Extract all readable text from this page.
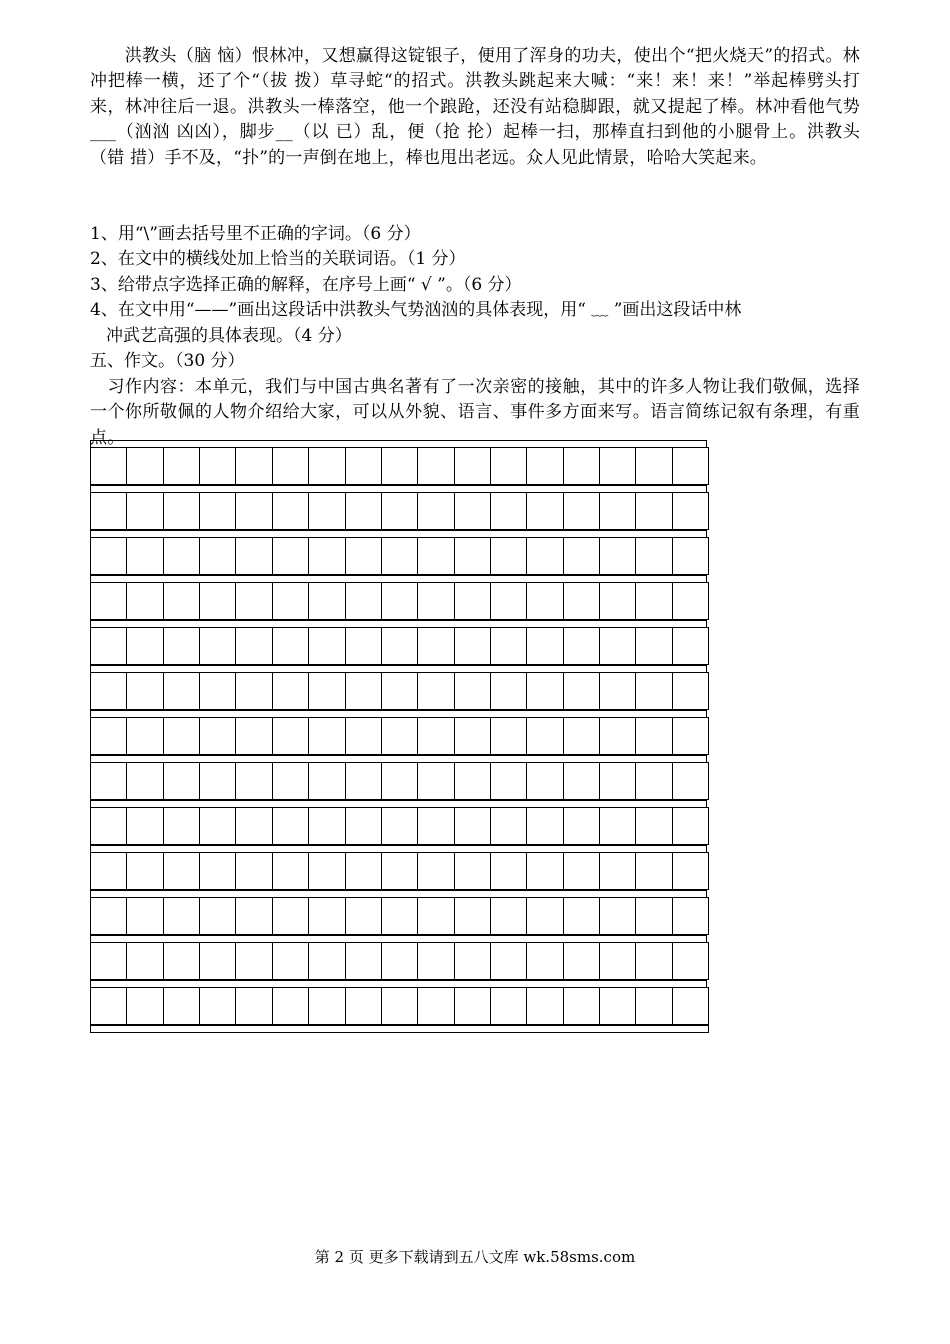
　　洪教头（脑 恼）恨林冲，又想赢得这锭银子，便用了浑身的功夫，使出个“把火烧天”的招式。林冲把棒一横，还了个“（拔 拨）草寻蛇“的招式。洪教头跳起来大喊：“来！来！来！”举起棒劈头打来，林冲往后一退。洪教头一棒落空，他一个踉跄，还没有站稳脚跟，就又提起了棒。林冲看他气势___（汹汹 凶凶），脚步__（以 已）乱，便（抢 抡）起棒一扫，那棒直扫到他的小腿骨上。洪教头（错 措）手不及，“扑”的一声倒在地上，棒也甩出老远。众人见此情景，哈哈大笑起来。
1、用“\”画去括号里不正确的字词。（6 分）
2、在文中的横线处加上恰当的关联词语。（1 分）
3、给带点字选择正确的解释，在序号上画“ √ ”。（6 分）
4、在文中用“——”画出这段话中洪教头气势汹汹的具体表现，用“ ﹏ ”画出这段话中林
冲武艺高强的具体表现。（4 分）
五、作文。（30 分）
　习作内容：本单元，我们与中国古典名著有了一次亲密的接触，其中的许多人物让我们敬佩，选择一个你所敬佩的人物介绍给大家，可以从外貌、语言、事件多方面来写。语言简练记叙有条理，有重点。
第 2 页 更多下载请到五八文库 wk.58sms.com
